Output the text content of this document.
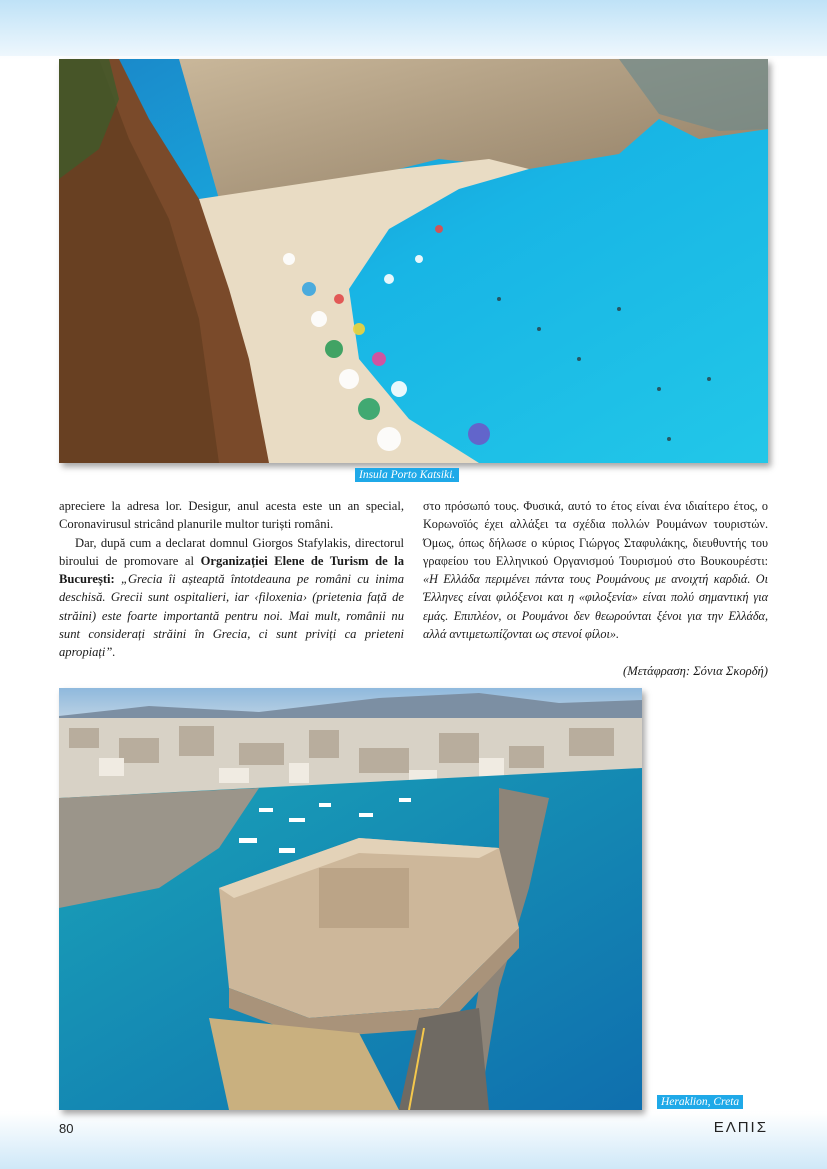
Insula Porto Katsiki.

apreciere la adresa lor. Desigur, anul acesta este un an special, Coronavirusul stricând planurile multor turiști români.

Dar, după cum a declarat domnul Giorgos Stafylakis, directorul biroului de promovare al Organizației Elene de Turism de la București: „Grecia îi așteaptă întotdeauna pe români cu inima deschisă. Grecii sunt ospitalieri, iar ‹filoxenia› (prietenia față de străini) este foarte importantă pentru noi. Mai mult, românii nu sunt considerați străini în Grecia, ci sunt priviți ca prieteni apropiați”.

στο πρόσωπό τους. Φυσικά, αυτό το έτος είναι ένα ιδιαίτερο έτος, ο Κορωνοϊός έχει αλλάξει τα σχέδια πολλών Ρουμάνων τουριστών. Όμως, όπως δήλωσε ο κύριος Γιώργος Σταφυλάκης, διευθυντής του γραφείου του Ελληνικού Οργανισμού Τουρισμού στο Βουκουρέστι: «Η Ελλάδα περιμένει πάντα τους Ρουμάνους με ανοιχτή καρδιά. Οι Έλληνες είναι φιλόξενοι και η «φιλοξενία» είναι πολύ σημαντική για εμάς. Επιπλέον, οι Ρουμάνοι δεν θεωρούνται ξένοι για την Ελλάδα, αλλά αντιμετωπίζονται ως στενοί φίλοι».

(Μετάφραση: Σόνια Σκορδή)
Heraklion, Creta
80	ΕΛΠΙΣ
